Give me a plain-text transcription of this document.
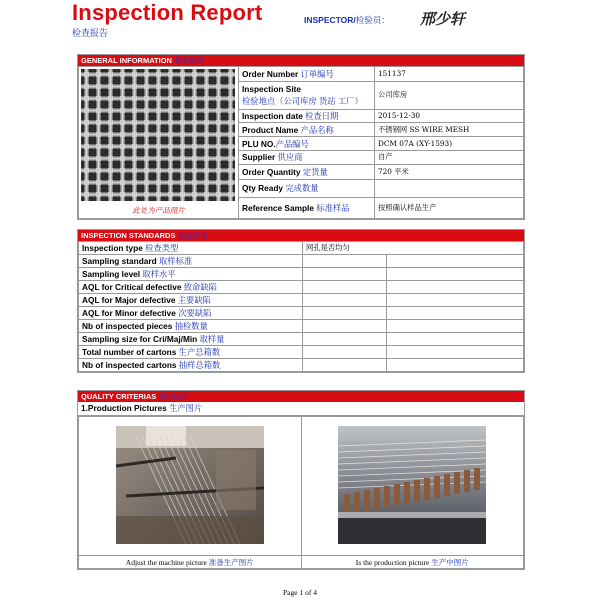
Inspection Report
检查报告
INSPECTOR/检验员： 邢少轩
GENERAL INFORMATION 基本信息
此处为产品照片	Order Number 订单编号	151137
	Inspection Site
检验地点（公司库房 货站 工厂）	公司库房
	Inspection date 检查日期	2015-12-30
	Product Name 产品名称	不锈钢网 SS WIRE MESH
	PLU NO.产品编号	DCM 07A (XY-1593)
	Supplier 供应商	自产
	Order Quantity 定货量	720 平米
	Qty Ready 完成数量	
	Reference Sample 标准样品	按照确认样品生产
INSPECTION STANDARDS 检验标准
Inspection type 检查类型	网孔是否均匀	
Sampling standard 取样标准		
Sampling level 取样水平		
AQL for Critical defective 致命缺陷		
AQL for Major defective 主要缺陷		
AQL for Minor defective 次要缺陷		
Nb of inspected pieces 抽检数量		
Sampling size for Cri/Maj/Min 取样量		
Total number of cartons 生产总箱数		
Nb of inspected cartons 抽样总箱数		
QUALITY CRITERIAS 质量标准
1.Production Pictures 生产图片

Adjust the machine picture 准备生产图片	Is the production picture 生产中图片
Page 1 of 4
